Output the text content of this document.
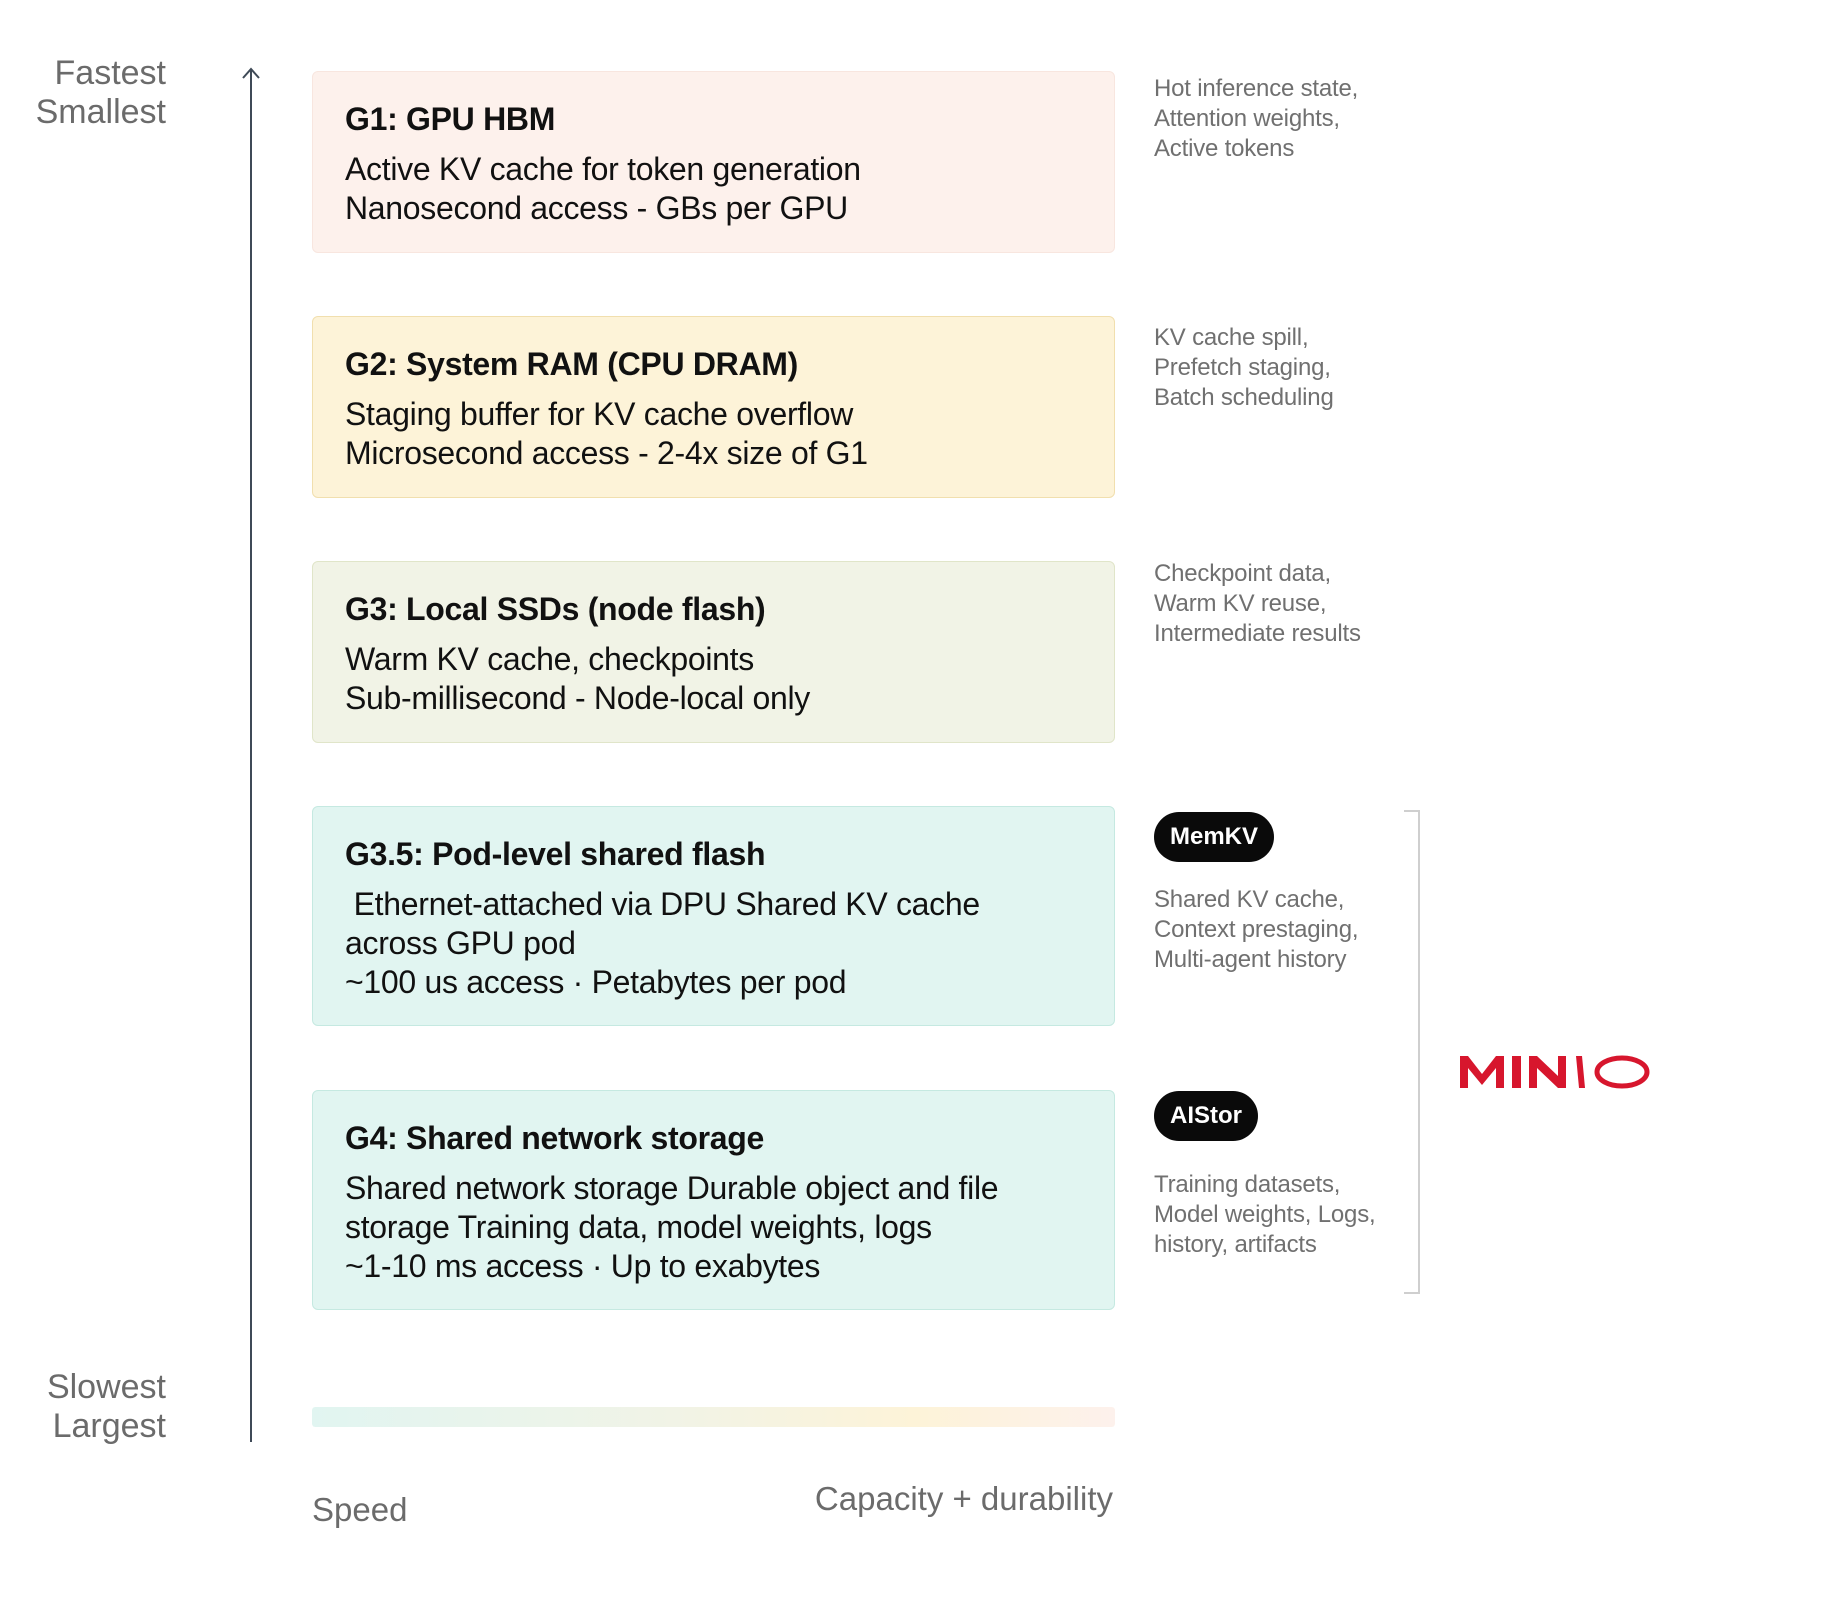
Fastest
Smallest
Slowest
Largest
G1: GPU HBM
Active KV cache for token generation
Nanosecond access - GBs per GPU
G2: System RAM (CPU DRAM)
Staging buffer for KV cache overflow
Microsecond access - 2-4x size of G1
G3: Local SSDs (node flash)
Warm KV cache, checkpoints
Sub-millisecond - Node-local only
G3.5: Pod-level shared flash
Ethernet-attached via DPU Shared KV cache
across GPU pod
~100 us access · Petabytes per pod
G4: Shared network storage
Shared network storage Durable object and file
storage Training data, model weights, logs
~1-10 ms access · Up to exabytes
Hot inference state,
Attention weights,
Active tokens
KV cache spill,
Prefetch staging,
Batch scheduling
Checkpoint data,
Warm KV reuse,
Intermediate results
MemKV
Shared KV cache,
Context prestaging,
Multi-agent history
AIStor
Training datasets,
Model weights, Logs,
history, artifacts
Speed	Capacity + durability
